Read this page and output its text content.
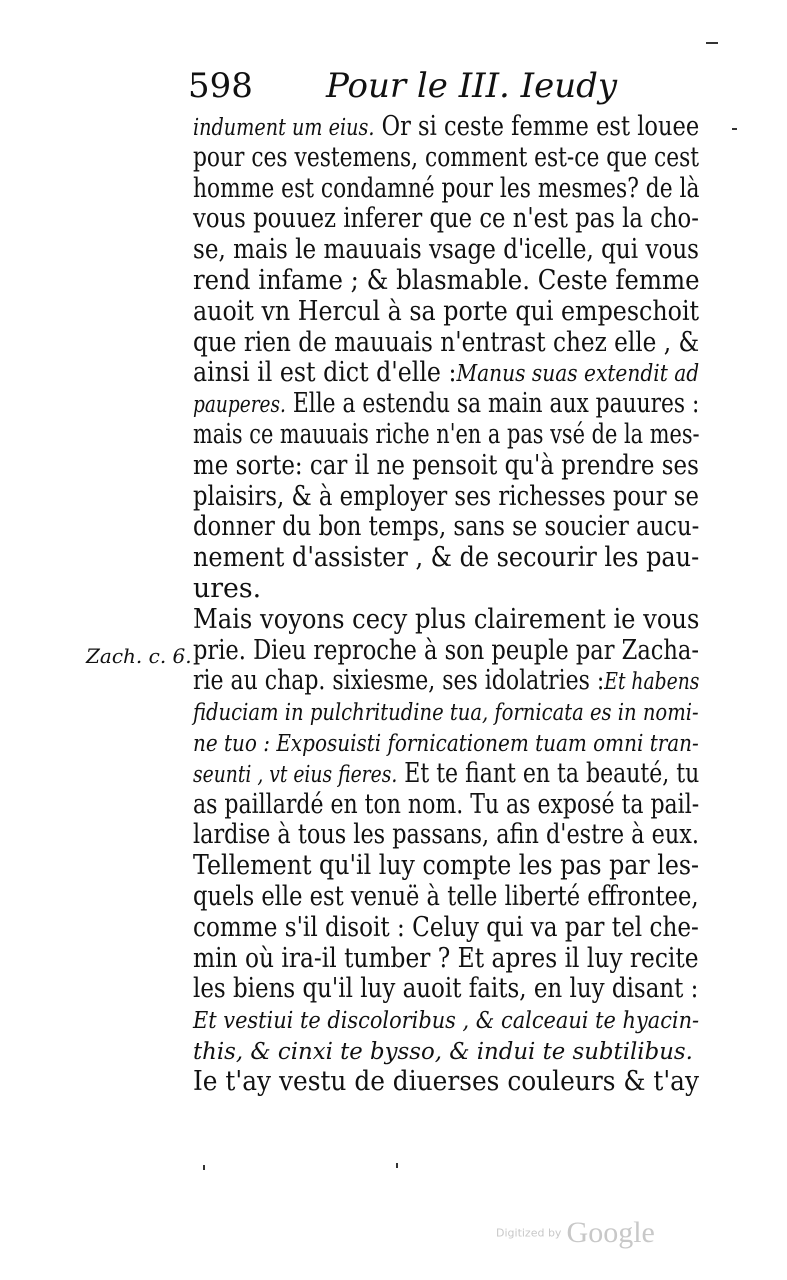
598 Pour le III. Ieudy
indument um eius. Or si ceste femme est louee
pour ces vestemens, comment est-ce que cest
homme est condamné pour les mesmes? de là
vous pouuez inferer que ce n'est pas la cho-
se, mais le mauuais vsage d'icelle, qui vous
rend infame ; & blasmable. Ceste femme
auoit vn Hercul à sa porte qui empeschoit
que rien de mauuais n'entrast chez elle , &
ainsi il est dict d'elle :Manus suas extendit ad
pauperes. Elle a estendu sa main aux pauures :
mais ce mauuais riche n'en a pas vsé de la mes-
me sorte: car il ne pensoit qu'à prendre ses
plaisirs, & à employer ses richesses pour se
donner du bon temps, sans se soucier aucu-
nement d'assister , & de secourir les pau-
ures.
Mais voyons cecy plus clairement ie vous
prie. Dieu reproche à son peuple par Zacha-
rie au chap. sixiesme, ses idolatries :Et habens
fiduciam in pulchritudine tua, fornicata es in nomi-
ne tuo : Exposuisti fornicationem tuam omni tran-
seunti , vt eius fieres. Et te fiant en ta beauté, tu
as paillardé en ton nom. Tu as exposé ta pail-
lardise à tous les passans, afin d'estre à eux.
Tellement qu'il luy compte les pas par les-
quels elle est venuë à telle liberté effrontee,
comme s'il disoit : Celuy qui va par tel che-
min où ira-il tumber ? Et apres il luy recite
les biens qu'il luy auoit faits, en luy disant :
Et vestiui te discoloribus , & calceaui te hyacin-
this, & cinxi te bysso, & indui te subtilibus.
Ie t'ay vestu de diuerses couleurs & t'ay
Zach. c. 6.
Digitized by Google
